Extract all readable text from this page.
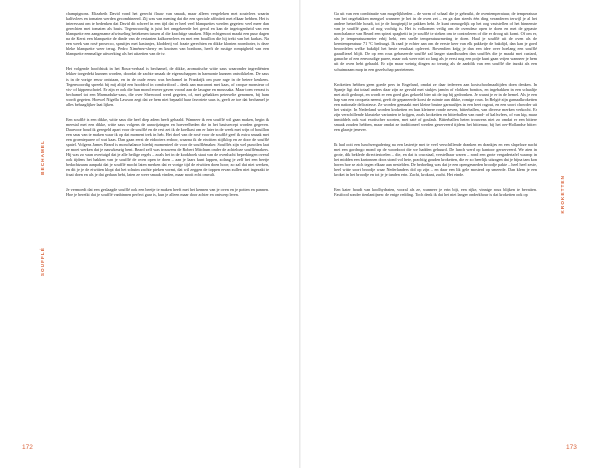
champignons. Elizabeth David vond het gerecht flauw van smaak, maar alleen vergeleken met zoutvlees waarin kalfsvlees en tomaten werden gecombineerd. Zij was van mening dat die een speciale affiniteit met elkaar hebben. Het is interessant om te bedenken dat David dit schreef in een tijd dat er heel veel blanquettes werden gegeten: veel meer dan gerechten met tomaten als basis. Tegenwoordig is juist het omgekeerde het geval en kan de ingetogenheid van een blanquette een aangename afwisseling betekenen tussen al die krachtige smaken. Mijn echtgenoot maakt een puur dagen na de Kerst een blanquette de dinde van de restanten kalkoenvlees en met een bouillon die hij trekt van het karkas. Na een week van rosé prosecco, spruitjes met kastanjes, kloddertj vol fraaie gerechten en dikke klonten roomboter, is deze bleke blanquette weer terug. Pedro Ximénez-sherry en knotsen van bonbons, heeft de rustige rompigheid van een blanquette eenmalige uitwerking als het uitzetten van de tv.

Het volgende hoofdstuk in het Roux-verhaal is bechamel, de dikke, aromatische witte saus waaronder ingrediënten lekker toegedekt kunnen worden, doordat de zachte smaak de eigenschappen in harmonie kunnen ontwikkelen. De saus is in de vorige eeuw ontstaan, en in de oude eeuw was bechamel in Frankrijk om pure rage in de betere keukens. Tegenwoordig spreekt bij mij altijd een hoofdrol in comfortfood – denk aan macaroni met kaas, of croque monsieur of vis- of kippenschotel. Er zijn er ook die hun mond erover gaven vooral aan de lasagne en moussaka. Maar toen verrast is bechamel tot een Marmaduke-saus, die over Sherwood werd gegeten, of, met gebakken peterselie genomen, bij ham wordt gegeten. Hoewel Nigella Lawson zegt dat ze hem niet bepaald haar favoriete saus is, geeft ze toe dat bechamel je alles behaaglijker laat lijken.

Een soufflé is een dikke, witte saus die heel diep adem heeft gehaald. Wanneer ik een soufflé wil gaan maken, begin ik meestal met een dikke, witte saus volgens de aanwijzingen en hoeveelheden die in het basisrecept worden gegeven. Daarvoor houd ik geregeld apart voor de soufflé en de rest zet ik de koelkast om er later in de week met wijn of bouillon een saus van te maken waar ik op dat moment trek in heb. Het doel van de rosé voor de soufflé geef ik extra smaak met een groentepuree of wat kaas. Dan gaan eerst de eidooiers erdoor, waarna ik de eiwitten stijfklop en ze door de soufflé spatel. Volgens James Beard is monchalance hierbij momenteel de voor de soufflémaker. Soufflés zijn wel punctlen laat ze moet werken dat je nauwkeurig bent. Beard zelf was trouwens de Robert Mitchum onder de achteloze soufflémakers. Hij was zo vaan overtuigd dat je alle heilige regels – zoals het in de kookboek staat van de ovenlucht beperkingen overal ook tijdens het bakken van je soufflé de oven open te doen – aan je laars kunt lappen, zolang je zelf het een beetje bedachtzaam aanpakt dat je soufflé mocht laten merken dat er vorige tijd de eiwitten doen hoor; zo zal dat niet werken, en dit je je de eiwitten klopt dat het schuim zachte pieken vormt, dat wil zeggen de toppen ervan zullen niet ingezakt te fraai doen en als je dat gedaan hebt, laten ze weer smaak vinden, maar nooit echt omvalt.

Je vermoedt dat een geslaagde soufflé ook een beetje te maken heeft met het kennen van je oven en je potten en pannen. Hoe je bereikt dat je soufflé vanbinnen perfect gaar is, kun je alleen maar door achter en ontwerp leren.

BECHAMEL
SOUFFLÉ
172

Ga uit van een combinatie van mogelijkheden – de vorm of schaal die je gebruikt, de oventemperatuur, de temperatuur van het ongebakken mengsel wanneer je het in de oven zet – en ga dan steeds één ding veranderen terwijl je al het andere hetzelfde houdt, tot je de hoogtepijl te pakken hebt. Je kunt onmogelijk op het oog vaststellen of het binnenste van je soufflé gaar, of nog vochtig is. Het is volkomen veilig om de ovendeur open te doen en met de gepaste nonchalance van Beard een spiezi spaghetti in je soufflé te steken om te controleren of die er droog uit komt. Of om er, als je temperatuurmeter erbij hebt, een snelle temperatuurmeting te doen. Haal je soufflé uit de oven als de kerntemperatuur 71 °C bedraagt. Ik raad je echter aan om de eerste keer van elk pakketje de bakdijd, dan kan je goed beoordelen welke bakdijd het beste resultaat oplevert. Bovendien krijg je dan een idee over hoelang een soufflé gaaufliezel blijft. De op een rous gebaseerde soufflé zal langer standhouden dan soufflés die je maakt met custard, ganache of een eenvoudige puree, maar ook weer niet zo lang als je eerst nog een potje kunt gaan vrijen wanneer je hem uit de oven hebt gehaald. Er zijn maar weinig dingen zo treurig als de aanblik van een soufflé die inzakt als een schuimraam mop in een gezelschap parrietenen.

Kroketten hebben geen goede pers in Engeland, omdat ze daar iedereen aan kostschoolmaaltijden doen denken. In Spanje ligt dat totaal anders daar zijn ze gevuld met stukjes jamón of vlokken bonitos, en ingebakken in een schaaltje met aioli gedoopt, en wordt er een goed glas gekoeld bier uit de tap bij gedronken. Je waant je er in de hemel. Als je een hap van een croqueta neemt, geeft de gepaneerde korst de ruimte aan dikke, romige roux. In België zijn garnaalkroketten een nationale delicatesse. Ze worden gemaakt met kleine bruine garnaaltjes in een heet ragout, en een soort chowder uit het vaistje. In Nederland worden kroketten en hun kleinere ronde neven, bitterballen, van diverse merken verkocht. Er zijn verschillende klassieke varianten te krijgen, zoals kroketten en bitterballen van rund- of kalfsvlees, of van kip, maar inmiddels ook wat exotischer soorten, met saté of goulash. Bitterballen heten trouwens niet zo omdat er een bittere smaak zouden hebben, maar omdat ze traditioneel werden geserveerd tijdens het bitteruur, bij het oer-Hollandse bitter: een glaasje jenever.

Ik had ooit een lunchvergadering na een lastertje met te veel verschillende dranken en drankjes en een slapeloze nacht met een gordrogo mond op de woonboot die we hadden gehuurd. De lunch werd op kantoor gerserveerd. We aten in grote, dik beklede directiestoelen – die, en dat is crucsiaal, verstelbaar waren – rond een grote vergadertafel waarop in het midden een kartonnen doos stond vol hete, prachtig gouden kroketten, die er zo heerlijk uitzagen dat je bijna tam kon horen hoe se zich tegen elkaar aan nestelden. De bedoeling was dat je een opengesneden broodje pakte – heel heel zeste, heel witte soort broodje waar Nederlanders dol op zijn – en daar een lik gele mosterd op smeerde. Dan klem je een kroket in het broodje en tot je je tanden erin. Zacht, krokant, zacht. Het einde.

Een kater houdt van koolhydraten, vooral als ze, wanneer je erin bijt, een rijke, vinnige roux blijken te bevatten. Fastfood sonder tienlantijnen: de enige redding. Toch denk ik dat het niet langer onderkhour is dat kroketten ook op	KROKETTEN
173
